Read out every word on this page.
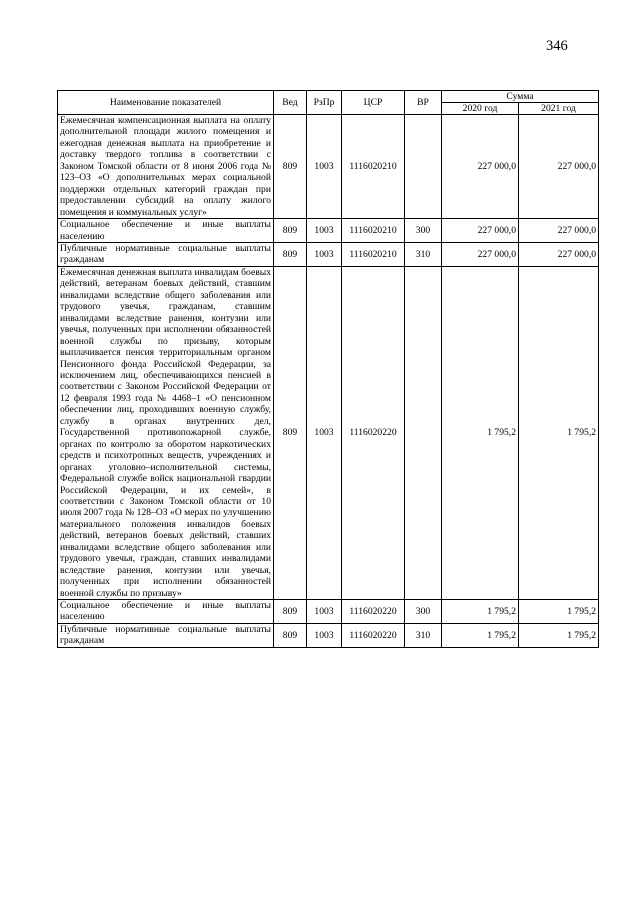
346
Наименование показателей	Вед	РзПр	ЦСР	ВР	Сумма	
					2020 год	2021 год
Ежемесячная компенсационная выплата на оплату дополнительной площади жилого помещения и ежегодная денежная выплата на приобретение и доставку твердого топлива в соответствии с Законом Томской области от 8 июня 2006 года № 123–ОЗ «О дополнительных мерах социальной поддержки отдельных категорий граждан при предоставлении субсидий на оплату жилого помещения и коммунальных услуг»	809	1003	1116020210		227 000,0	227 000,0
Социальное обеспечение и иные выплаты населению	809	1003	1116020210	300	227 000,0	227 000,0
Публичные нормативные социальные выплаты гражданам	809	1003	1116020210	310	227 000,0	227 000,0
Ежемесячная денежная выплата инвалидам боевых действий, ветеранам боевых действий, ставшим инвалидами вследствие общего заболевания или трудового увечья, гражданам, ставшим инвалидами вследствие ранения, контузии или увечья, полученных при исполнении обязанностей военной службы по призыву, которым выплачивается пенсия территориальным органом Пенсионного фонда Российской Федерации, за исключением лиц, обеспечивающихся пенсией в соответствии с Законом Российской Федерации от 12 февраля 1993 года № 4468–1 «О пенсионном обеспечении лиц, проходивших военную службу, службу в органах внутренних дел, Государственной противопожарной службе, органах по контролю за оборотом наркотических средств и психотропных веществ, учреждениях и органах уголовно–исполнительной системы, Федеральной службе войск национальной гвардии Российской Федерации, и их семей», в соответствии с Законом Томской области от 10 июля 2007 года № 128–ОЗ «О мерах по улучшению материального положения инвалидов боевых действий, ветеранов боевых действий, ставших инвалидами вследствие общего заболевания или трудового увечья, граждан, ставших инвалидами вследствие ранения, контузии или увечья, полученных при исполнении обязанностей военной службы по призыву»	809	1003	1116020220		1 795,2	1 795,2
Социальное обеспечение и иные выплаты населению	809	1003	1116020220	300	1 795,2	1 795,2
Публичные нормативные социальные выплаты гражданам	809	1003	1116020220	310	1 795,2	1 795,2
